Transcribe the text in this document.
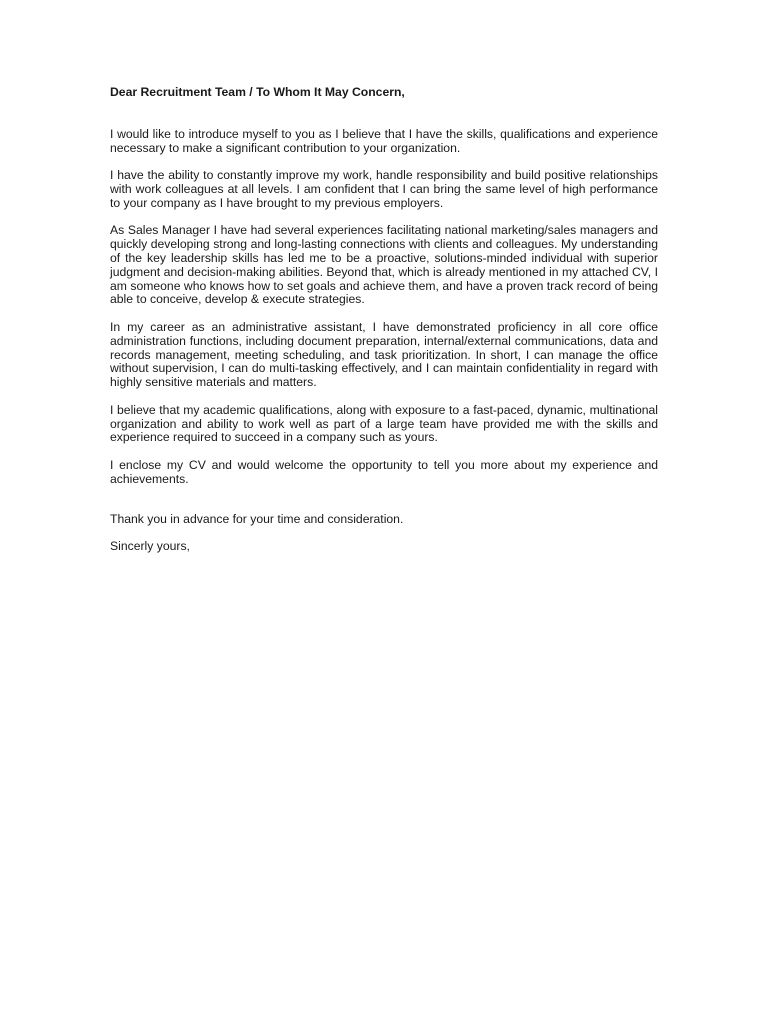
Dear Recruitment Team / To Whom It May Concern,

I would like to introduce myself to you as I believe that I have the skills, qualifications and experience necessary to make a significant contribution to your organization.

I have the ability to constantly improve my work, handle responsibility and build positive relationships with work colleagues at all levels. I am confident that I can bring the same level of high performance to your company as I have brought to my previous employers.

As Sales Manager I have had several experiences facilitating national marketing/sales managers and quickly developing strong and long-lasting connections with clients and colleagues. My understanding of the key leadership skills has led me to be a proactive, solutions-minded individual with superior judgment and decision-making abilities. Beyond that, which is already mentioned in my attached CV, I am someone who knows how to set goals and achieve them, and have a proven track record of being able to conceive, develop & execute strategies.

In my career as an administrative assistant, I have demonstrated proficiency in all core office administration functions, including document preparation, internal/external communications, data and records management, meeting scheduling, and task prioritization. In short, I can manage the office without supervision, I can do multi-tasking effectively, and I can maintain confidentiality in regard with highly sensitive materials and matters.

I believe that my academic qualifications, along with exposure to a fast-paced, dynamic, multinational organization and ability to work well as part of a large team have provided me with the skills and experience required to succeed in a company such as yours.

I enclose my CV and would welcome the opportunity to tell you more about my experience and achievements.

Thank you in advance for your time and consideration.

Sincerly yours,
